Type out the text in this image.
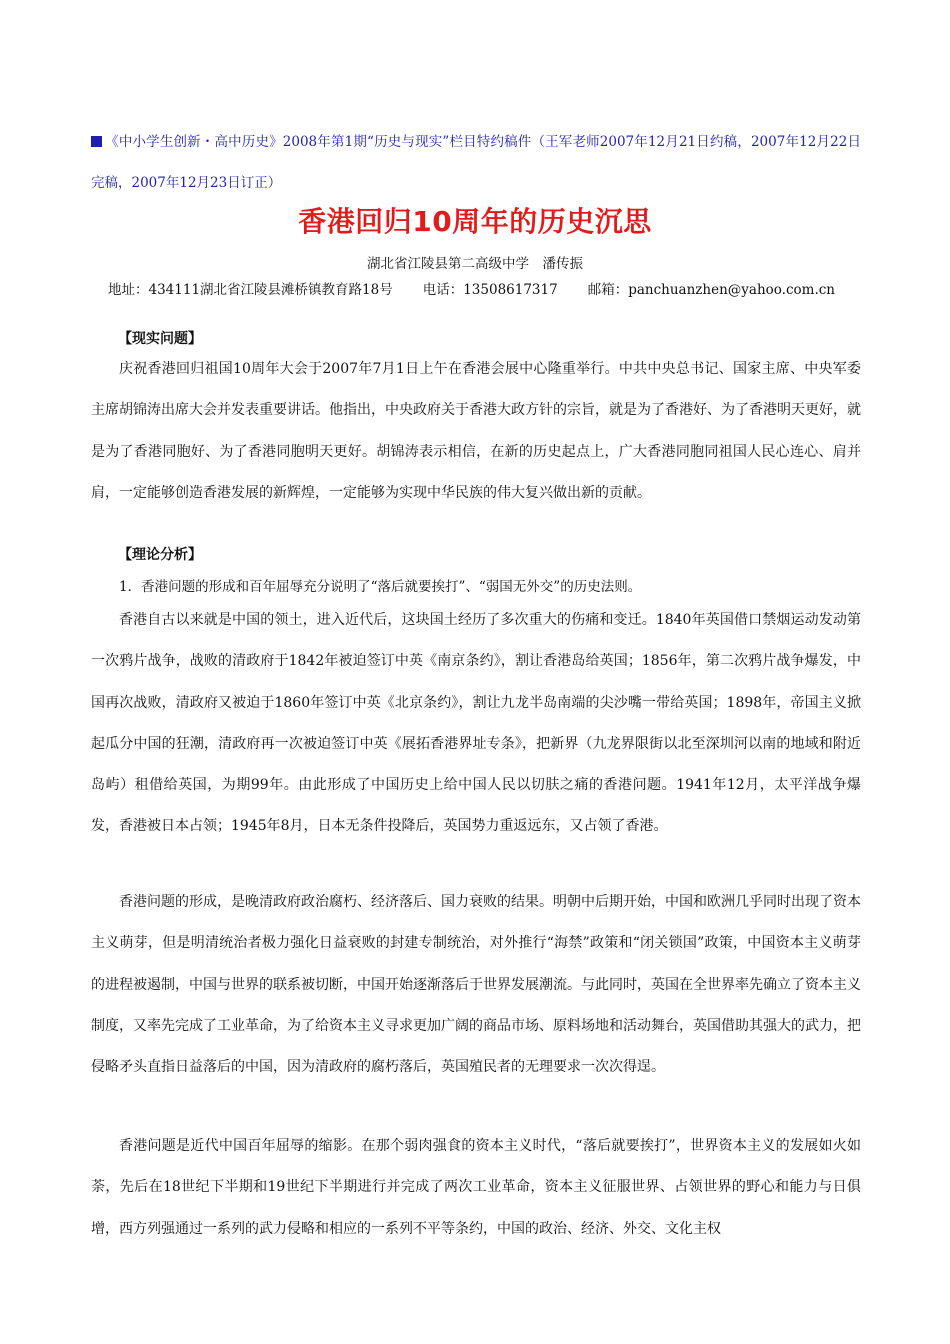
《中小学生创新・高中历史》2008年第1期“历史与现实”栏目特约稿件（王军老师2007年12月21日约稿，2007年12月22日完稿，2007年12月23日订正）
香港回归10周年的历史沉思
湖北省江陵县第二高级中学　潘传振
地址：434111湖北省江陵县滩桥镇教育路18号 电话：13508617317 邮箱：panchuanzhen@yahoo.com.cn
【现实问题】

庆祝香港回归祖国10周年大会于2007年7月1日上午在香港会展中心隆重举行。中共中央总书记、国家主席、中央军委主席胡锦涛出席大会并发表重要讲话。他指出，中央政府关于香港大政方针的宗旨，就是为了香港好、为了香港明天更好，就是为了香港同胞好、为了香港同胞明天更好。胡锦涛表示相信，在新的历史起点上，广大香港同胞同祖国人民心连心、肩并肩，一定能够创造香港发展的新辉煌，一定能够为实现中华民族的伟大复兴做出新的贡献。

【理论分析】
1．香港问题的形成和百年屈辱充分说明了“落后就要挨打”、“弱国无外交”的历史法则。

香港自古以来就是中国的领土，进入近代后，这块国土经历了多次重大的伤痛和变迁。1840年英国借口禁烟运动发动第一次鸦片战争，战败的清政府于1842年被迫签订中英《南京条约》，割让香港岛给英国；1856年，第二次鸦片战争爆发，中国再次战败，清政府又被迫于1860年签订中英《北京条约》，割让九龙半岛南端的尖沙嘴一带给英国；1898年，帝国主义掀起瓜分中国的狂潮，清政府再一次被迫签订中英《展拓香港界址专条》，把新界（九龙界限街以北至深圳河以南的地域和附近岛屿）租借给英国，为期99年。由此形成了中国历史上给中国人民以切肤之痛的香港问题。1941年12月，太平洋战争爆发，香港被日本占领；1945年8月，日本无条件投降后，英国势力重返远东，又占领了香港。

香港问题的形成，是晚清政府政治腐朽、经济落后、国力衰败的结果。明朝中后期开始，中国和欧洲几乎同时出现了资本主义萌芽，但是明清统治者极力强化日益衰败的封建专制统治，对外推行“海禁”政策和“闭关锁国”政策，中国资本主义萌芽的进程被遏制，中国与世界的联系被切断，中国开始逐渐落后于世界发展潮流。与此同时，英国在全世界率先确立了资本主义制度，又率先完成了工业革命，为了给资本主义寻求更加广阔的商品市场、原料场地和活动舞台，英国借助其强大的武力，把侵略矛头直指日益落后的中国，因为清政府的腐朽落后，英国殖民者的无理要求一次次得逞。

香港问题是近代中国百年屈辱的缩影。在那个弱肉强食的资本主义时代，“落后就要挨打”，世界资本主义的发展如火如荼，先后在18世纪下半期和19世纪下半期进行并完成了两次工业革命，资本主义征服世界、占领世界的野心和能力与日俱增，西方列强通过一系列的武力侵略和相应的一系列不平等条约，中国的政治、经济、外交、文化主权
